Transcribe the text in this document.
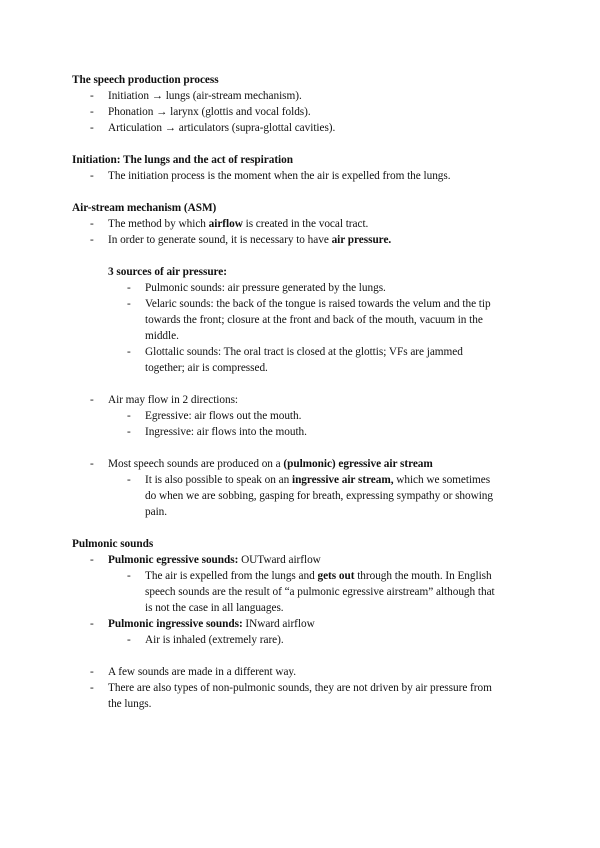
The speech production process
- Initiation → lungs (air-stream mechanism).
- Phonation → larynx (glottis and vocal folds).
- Articulation → articulators (supra-glottal cavities).
Initiation: The lungs and the act of respiration
- The initiation process is the moment when the air is expelled from the lungs.
Air-stream mechanism (ASM)
- The method by which airflow is created in the vocal tract.
- In order to generate sound, it is necessary to have air pressure.
3 sources of air pressure:
- Pulmonic sounds: air pressure generated by the lungs.
- Velaric sounds: the back of the tongue is raised towards the velum and the tip
towards the front; closure at the front and back of the mouth, vacuum in the
middle.
- Glottalic sounds: The oral tract is closed at the glottis; VFs are jammed
together; air is compressed.
- Air may flow in 2 directions:
- Egressive: air flows out the mouth.
- Ingressive: air flows into the mouth.
- Most speech sounds are produced on a (pulmonic) egressive air stream
- It is also possible to speak on an ingressive air stream, which we sometimes
do when we are sobbing, gasping for breath, expressing sympathy or showing
pain.
Pulmonic sounds
- Pulmonic egressive sounds: OUTward airflow
- The air is expelled from the lungs and gets out through the mouth. In English
speech sounds are the result of “a pulmonic egressive airstream” although that
is not the case in all languages.
- Pulmonic ingressive sounds: INward airflow
- Air is inhaled (extremely rare).
- A few sounds are made in a different way.
- There are also types of non-pulmonic sounds, they are not driven by air pressure from
the lungs.
